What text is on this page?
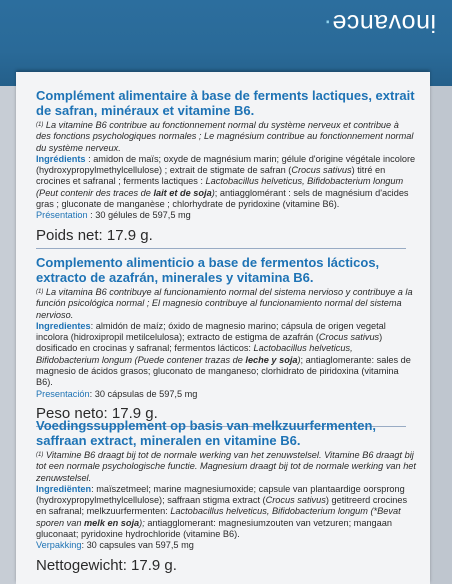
inovance·

Complément alimentaire à base de ferments lactiques, extrait de safran, minéraux et vitamine B6.

$^{(1)}$ La vitamine B6 contribue au fonctionnement normal du système nerveux et contribue à des fonctions psychologiques normales ; Le magnésium contribue au fonctionnement normal du système nerveux.

Ingrédients : amidon de maïs; oxyde de magnésium marin; gélule d'origine végétale incolore (hydroxypropylmethylcellulose) ; extrait de stigmate de safran (Crocus sativus) titré en crocines et safranal ; ferments lactiques : Lactobacillus helveticus, Bifidobacterium longum (Peut contenir des traces de lait et de soja); antiagglomérant : sels de magnésium d'acides gras ; gluconate de manganèse ; chlorhydrate de pyridoxine (vitamine B6).

Présentation : 30 gélules de 597,5 mg

Poids net: 17.9 g.

Complemento alimenticio a base de fermentos lácticos, extracto de azafrán, minerales y vitamina B6.

$^{(1)}$ La vitamina B6 contribuye al funcionamiento normal del sistema nervioso y contribuye a la función psicológica normal ; El magnesio contribuye al funcionamiento normal del sistema nervioso.

Ingredientes: almidón de maíz; óxido de magnesio marino; cápsula de origen vegetal incolora (hidroxipropil metilcelulosa); extracto de estigma de azafrán (Crocus sativus) dosificado en crocinas y safranal; fermentos lácticos: Lactobacillus helveticus, Bifidobacterium longum (Puede contener trazas de leche y soja); antiaglomerante: sales de magnesio de ácidos grasos; gluconato de manganeso; clorhidrato de piridoxina (vitamina B6).

Presentación: 30 cápsulas de 597,5 mg

Peso neto: 17.9 g.

Voedingssupplement op basis van melkzuurfermenten, saffraan extract, mineralen en vitamine B6.

$^{(1)}$ Vitamine B6 draagt bij tot de normale werking van het zenuwstelsel. Vitamine B6 draagt bij tot een normale psychologische functie. Magnesium draagt bij tot de normale werking van het zenuwstelsel.

Ingrediënten: maïszetmeel; marine magnesiumoxide; capsule van plantaardige oorsprong (hydroxypropylmethylcellulose); saffraan stigma extract (Crocus sativus) getitreerd crocines en safranal; melkzuurfermenten: Lactobacillus helveticus, Bifidobacterium longum (*Bevat sporen van melk en soja); antiagglomerant: magnesiumzouten van vetzuren; mangaan gluconaat; pyridoxine hydrochloride (vitamine B6).

Verpakking: 30 capsules van 597,5 mg

Nettogewicht: 17.9 g.
